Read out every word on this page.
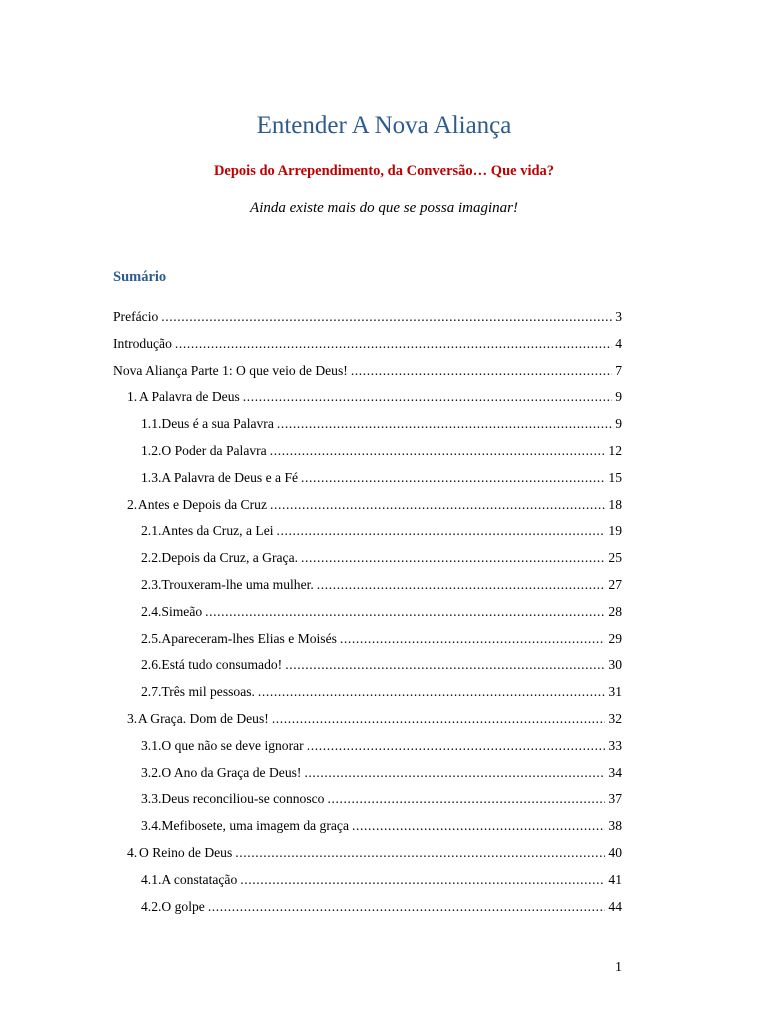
Entender A Nova Aliança
Depois do Arrependimento, da Conversão… Que vida?
Ainda existe mais do que se possa imaginar!
Sumário
Prefácio .....	3
Introdução .....	4
Nova Aliança Parte 1: O que veio de Deus! .....	7
1. A Palavra de Deus .....	9
1.1. Deus é a sua Palavra .....	9
1.2. O Poder da Palavra .....	12
1.3. A Palavra de Deus e a Fé .....	15
2. Antes e Depois da Cruz .....	18
2.1. Antes da Cruz, a Lei .....	19
2.2. Depois da Cruz, a Graça. .....	25
2.3. Trouxeram-lhe uma mulher. .....	27
2.4. Simeão .....	28
2.5. Apareceram-lhes Elias e Moisés .....	29
2.6. Está tudo consumado! .....	30
2.7. Três mil pessoas. .....	31
3. A Graça. Dom de Deus! .....	32
3.1. O que não se deve ignorar .....	33
3.2. O Ano da Graça de Deus! .....	34
3.3. Deus reconciliou-se connosco .....	37
3.4. Mefibosete, uma imagem da graça .....	38
4. O Reino de Deus .....	40
4.1. A constatação .....	41
4.2. O golpe .....	44
1
